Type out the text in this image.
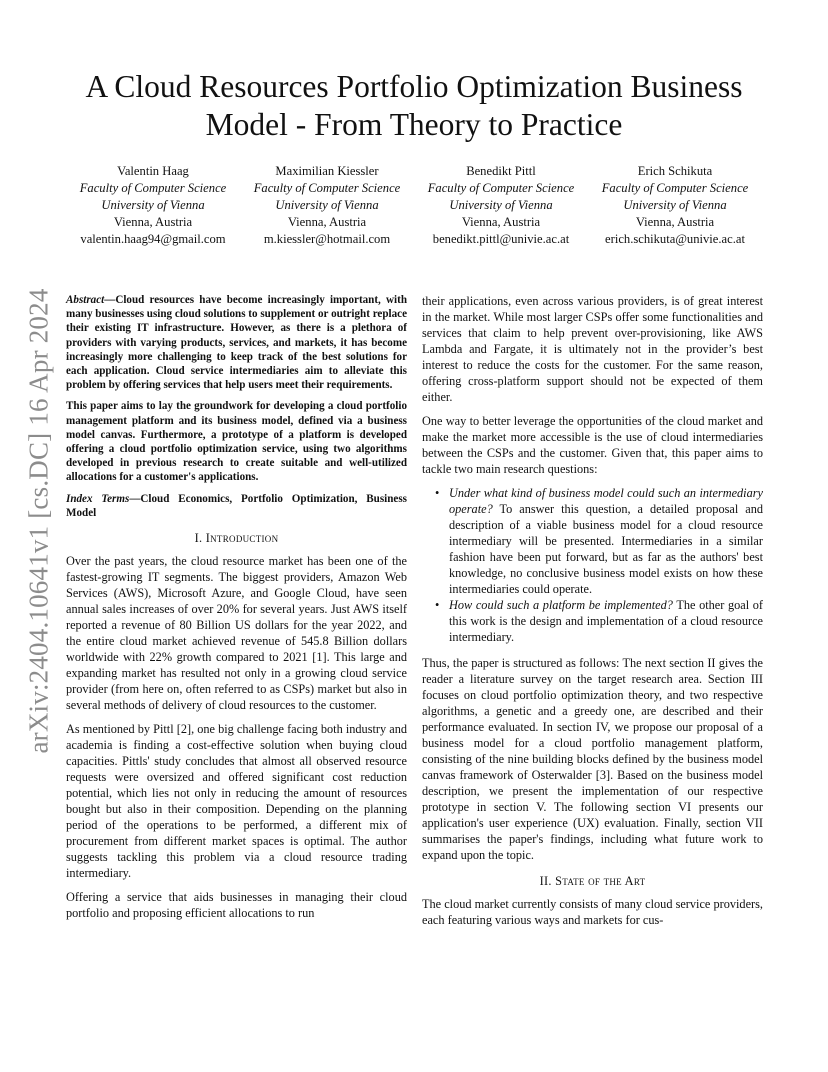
arXiv:2404.10641v1 [cs.DC] 16 Apr 2024
A Cloud Resources Portfolio Optimization Business
Model - From Theory to Practice
Valentin Haag
Faculty of Computer Science
University of Vienna
Vienna, Austria
valentin.haag94@gmail.com
Maximilian Kiessler
Faculty of Computer Science
University of Vienna
Vienna, Austria
m.kiessler@hotmail.com
Benedikt Pittl
Faculty of Computer Science
University of Vienna
Vienna, Austria
benedikt.pittl@univie.ac.at
Erich Schikuta
Faculty of Computer Science
University of Vienna
Vienna, Austria
erich.schikuta@univie.ac.at

Abstract—Cloud resources have become increasingly important, with many businesses using cloud solutions to supplement or outright replace their existing IT infrastructure. However, as there is a plethora of providers with varying products, services, and markets, it has become increasingly more challenging to keep track of the best solutions for each application. Cloud service intermediaries aim to alleviate this problem by offering services that help users meet their requirements.

This paper aims to lay the groundwork for developing a cloud portfolio management platform and its business model, defined via a business model canvas. Furthermore, a prototype of a platform is developed offering a cloud portfolio optimization service, using two algorithms developed in previous research to create suitable and well-utilized allocations for a customer's applications.

Index Terms—Cloud Economics, Portfolio Optimization, Business Model

I. Introduction

Over the past years, the cloud resource market has been one of the fastest-growing IT segments. The biggest providers, Amazon Web Services (AWS), Microsoft Azure, and Google Cloud, have seen annual sales increases of over 20% for several years. Just AWS itself reported a revenue of 80 Billion US dollars for the year 2022, and the entire cloud market achieved revenue of 545.8 Billion dollars worldwide with 22% growth compared to 2021 [1]. This large and expanding market has resulted not only in a growing cloud service provider (from here on, often referred to as CSPs) market but also in several methods of delivery of cloud resources to the customer.

As mentioned by Pittl [2], one big challenge facing both industry and academia is finding a cost-effective solution when buying cloud capacities. Pittls' study concludes that almost all observed resource requests were oversized and offered significant cost reduction potential, which lies not only in reducing the amount of resources bought but also in their composition. Depending on the planning period of the operations to be performed, a different mix of procurement from different market spaces is optimal. The author suggests tackling this problem via a cloud resource trading intermediary.

Offering a service that aids businesses in managing their cloud portfolio and proposing efficient allocations to run

their applications, even across various providers, is of great interest in the market. While most larger CSPs offer some functionalities and services that claim to help prevent over-provisioning, like AWS Lambda and Fargate, it is ultimately not in the provider’s best interest to reduce the costs for the customer. For the same reason, offering cross-platform support should not be expected of them either.

One way to better leverage the opportunities of the cloud market and make the market more accessible is the use of cloud intermediaries between the CSPs and the customer. Given that, this paper aims to tackle two main research questions:

• Under what kind of business model could such an intermediary operate? To answer this question, a detailed proposal and description of a viable business model for a cloud resource intermediary will be presented. Intermediaries in a similar fashion have been put forward, but as far as the authors' best knowledge, no conclusive business model exists on how these intermediaries could operate.
• How could such a platform be implemented? The other goal of this work is the design and implementation of a cloud resource intermediary.

Thus, the paper is structured as follows: The next section II gives the reader a literature survey on the target research area. Section III focuses on cloud portfolio optimization theory, and two respective algorithms, a genetic and a greedy one, are described and their performance evaluated. In section IV, we propose our proposal of a business model for a cloud portfolio management platform, consisting of the nine building blocks defined by the business model canvas framework of Osterwalder [3]. Based on the business model description, we present the implementation of our respective prototype in section V. The following section VI presents our application's user experience (UX) evaluation. Finally, section VII summarises the paper's findings, including what future work to expand upon the topic.

II. State of the Art

The cloud market currently consists of many cloud service providers, each featuring various ways and markets for cus-
